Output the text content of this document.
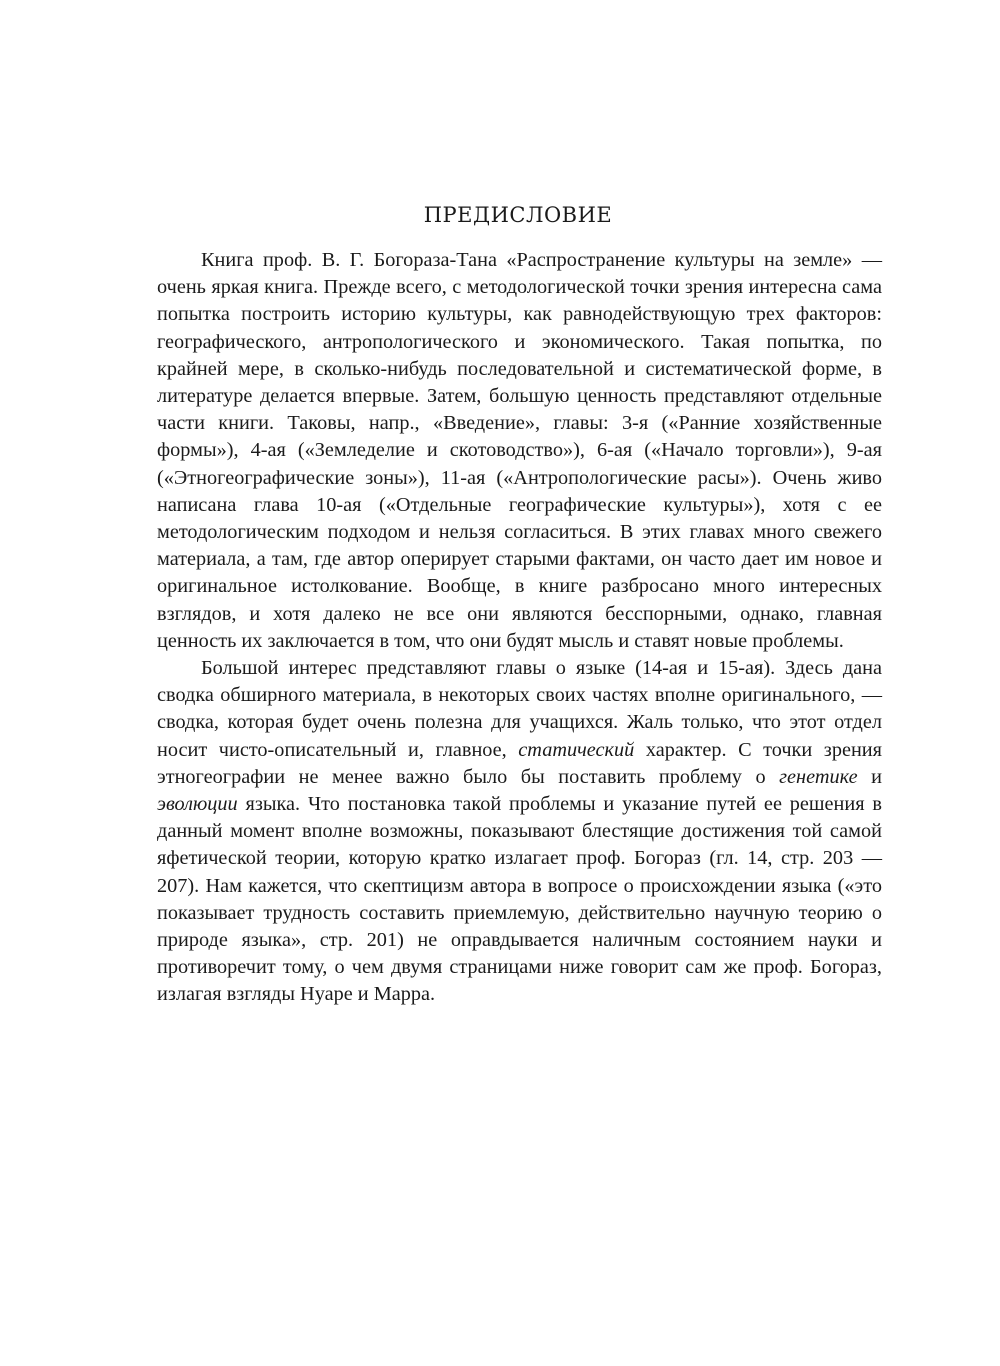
ПРЕДИСЛОВИЕ

Книга проф. В. Г. Богораза-Тана «Распространение культуры на земле» — очень яркая книга. Прежде всего, с методологической точки зрения интересна сама попытка построить историю культуры, как равнодействующую трех факторов: географического, антропологического и экономического. Такая попытка, по крайней мере, в сколько-нибудь последовательной и систематической форме, в литературе делается впервые. Затем, большую ценность представляют отдельные части книги. Таковы, напр., «Введение», главы: 3-я («Ранние хозяйственные формы»), 4-ая («Земледелие и скотоводство»), 6-ая («Начало торговли»), 9-ая («Этногеографические зоны»), 11-ая («Антропологические расы»). Очень живо написана глава 10-ая («Отдельные географические культуры»), хотя с ее методологическим подходом и нельзя согласиться. В этих главах много свежего материала, а там, где автор оперирует старыми фактами, он часто дает им новое и оригинальное истолкование. Вообще, в книге разбросано много интересных взглядов, и хотя далеко не все они являются бесспорными, однако, главная ценность их заключается в том, что они будят мысль и ставят новые проблемы.

Большой интерес представляют главы о языке (14-ая и 15-ая). Здесь дана сводка обширного материала, в некоторых своих частях вполне оригинального, — сводка, которая будет очень полезна для учащихся. Жаль только, что этот отдел носит чисто-описательный и, главное, статический характер. С точки зрения этногеографии не менее важно было бы поставить проблему о генетике и эволюции языка. Что постановка такой проблемы и указание путей ее решения в данный момент вполне возможны, показывают блестящие достижения той самой яфетической теории, которую кратко излагает проф. Богораз (гл. 14, стр. 203 — 207). Нам кажется, что скептицизм автора в вопросе о происхождении языка («это показывает трудность составить приемлемую, действительно научную теорию о природе языка», стр. 201) не оправдывается наличным состоянием науки и противоречит тому, о чем двумя страницами ниже говорит сам же проф. Богораз, излагая взгляды Нуаре и Марра.
